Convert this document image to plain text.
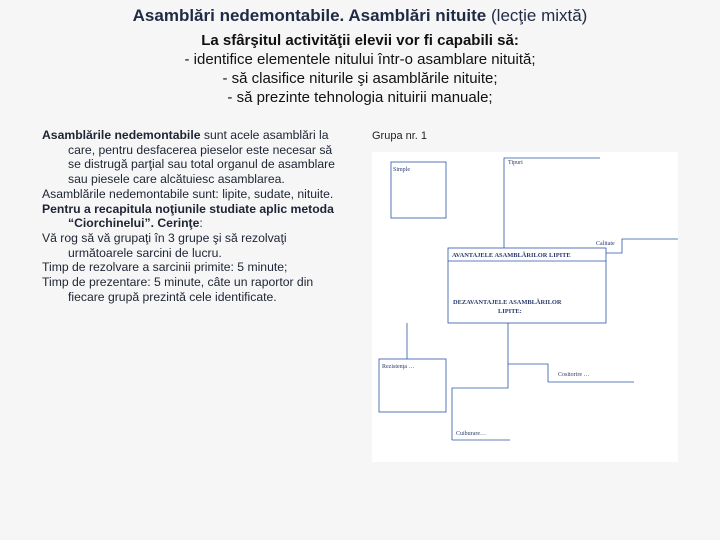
Asamblări nedemontabile. Asamblări nituite (lecţie mixtă)
La sfârşitul activităţii elevii vor fi capabili să:
- identifice elementele nitului într-o asamblare nituită;
- să clasifice niturile şi asamblările nituite;
- să prezinte tehnologia nituirii manuale;

Asamblările nedemontabile sunt acele asamblări la care, pentru desfacerea pieselor este necesar să se distrugă parţial sau total organul de asamblare sau piesele care alcătuiesc asamblarea.

Asamblările nedemontabile sunt: lipite, sudate, nituite.

Pentru a recapitula noţiunile studiate aplic metoda “Ciorchinelui”. Cerinţe:

Vă rog să vă grupaţi în 3 grupe şi să rezolvaţi următoarele sarcini de lucru.

Timp de rezolvare a sarcinii primite: 5 minute;

Timp de prezentare: 5 minute, câte un raportor din fiecare grupă prezintă cele identificate.

Grupa nr. 1
Simple
Tipuri
Calitate
AVANTAJELE ASAMBLĂRILOR LIPITE
DEZAVANTAJELE ASAMBLĂRILOR
LIPITE:
Rezistenţa …
Cositorire …
Cuiburare…
